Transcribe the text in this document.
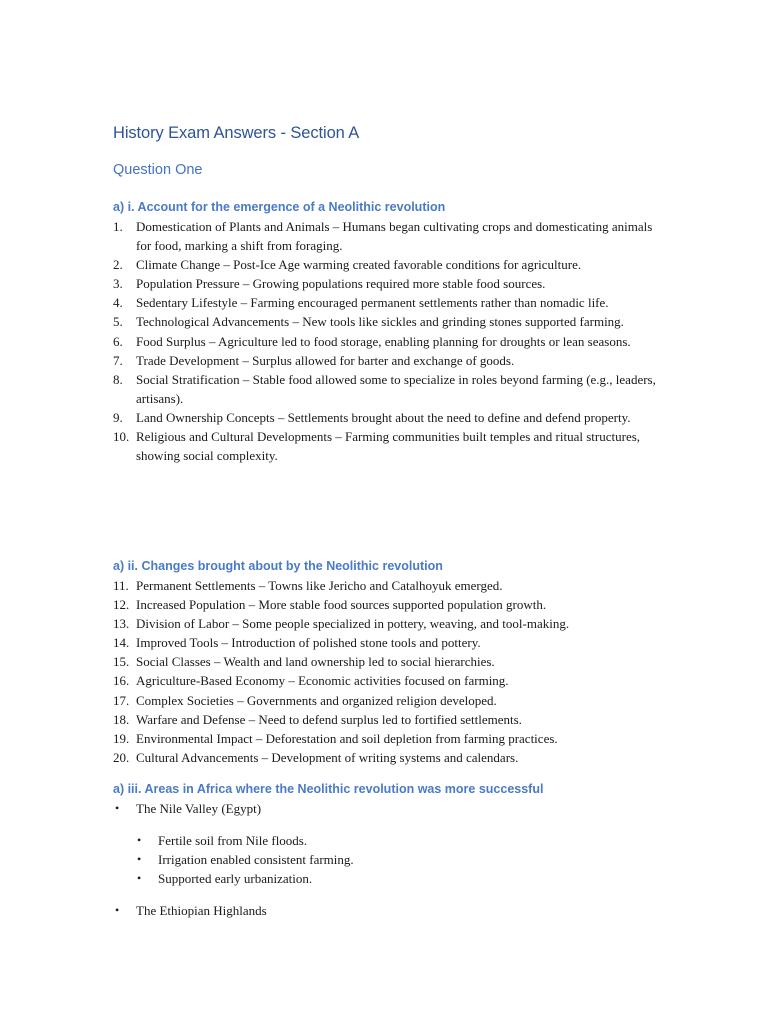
History Exam Answers - Section A
Question One
a) i. Account for the emergence of a Neolithic revolution
1. Domestication of Plants and Animals – Humans began cultivating crops and domesticating animals for food, marking a shift from foraging.
2. Climate Change – Post-Ice Age warming created favorable conditions for agriculture.
3. Population Pressure – Growing populations required more stable food sources.
4. Sedentary Lifestyle – Farming encouraged permanent settlements rather than nomadic life.
5. Technological Advancements – New tools like sickles and grinding stones supported farming.
6. Food Surplus – Agriculture led to food storage, enabling planning for droughts or lean seasons.
7. Trade Development – Surplus allowed for barter and exchange of goods.
8. Social Stratification – Stable food allowed some to specialize in roles beyond farming (e.g., leaders, artisans).
9. Land Ownership Concepts – Settlements brought about the need to define and defend property.
10. Religious and Cultural Developments – Farming communities built temples and ritual structures, showing social complexity.
a) ii. Changes brought about by the Neolithic revolution
11. Permanent Settlements – Towns like Jericho and Catalhoyuk emerged.
12. Increased Population – More stable food sources supported population growth.
13. Division of Labor – Some people specialized in pottery, weaving, and tool-making.
14. Improved Tools – Introduction of polished stone tools and pottery.
15. Social Classes – Wealth and land ownership led to social hierarchies.
16. Agriculture-Based Economy – Economic activities focused on farming.
17. Complex Societies – Governments and organized religion developed.
18. Warfare and Defense – Need to defend surplus led to fortified settlements.
19. Environmental Impact – Deforestation and soil depletion from farming practices.
20. Cultural Advancements – Development of writing systems and calendars.
a) iii. Areas in Africa where the Neolithic revolution was more successful
• The Nile Valley (Egypt)
• Fertile soil from Nile floods.
• Irrigation enabled consistent farming.
• Supported early urbanization.
• The Ethiopian Highlands
